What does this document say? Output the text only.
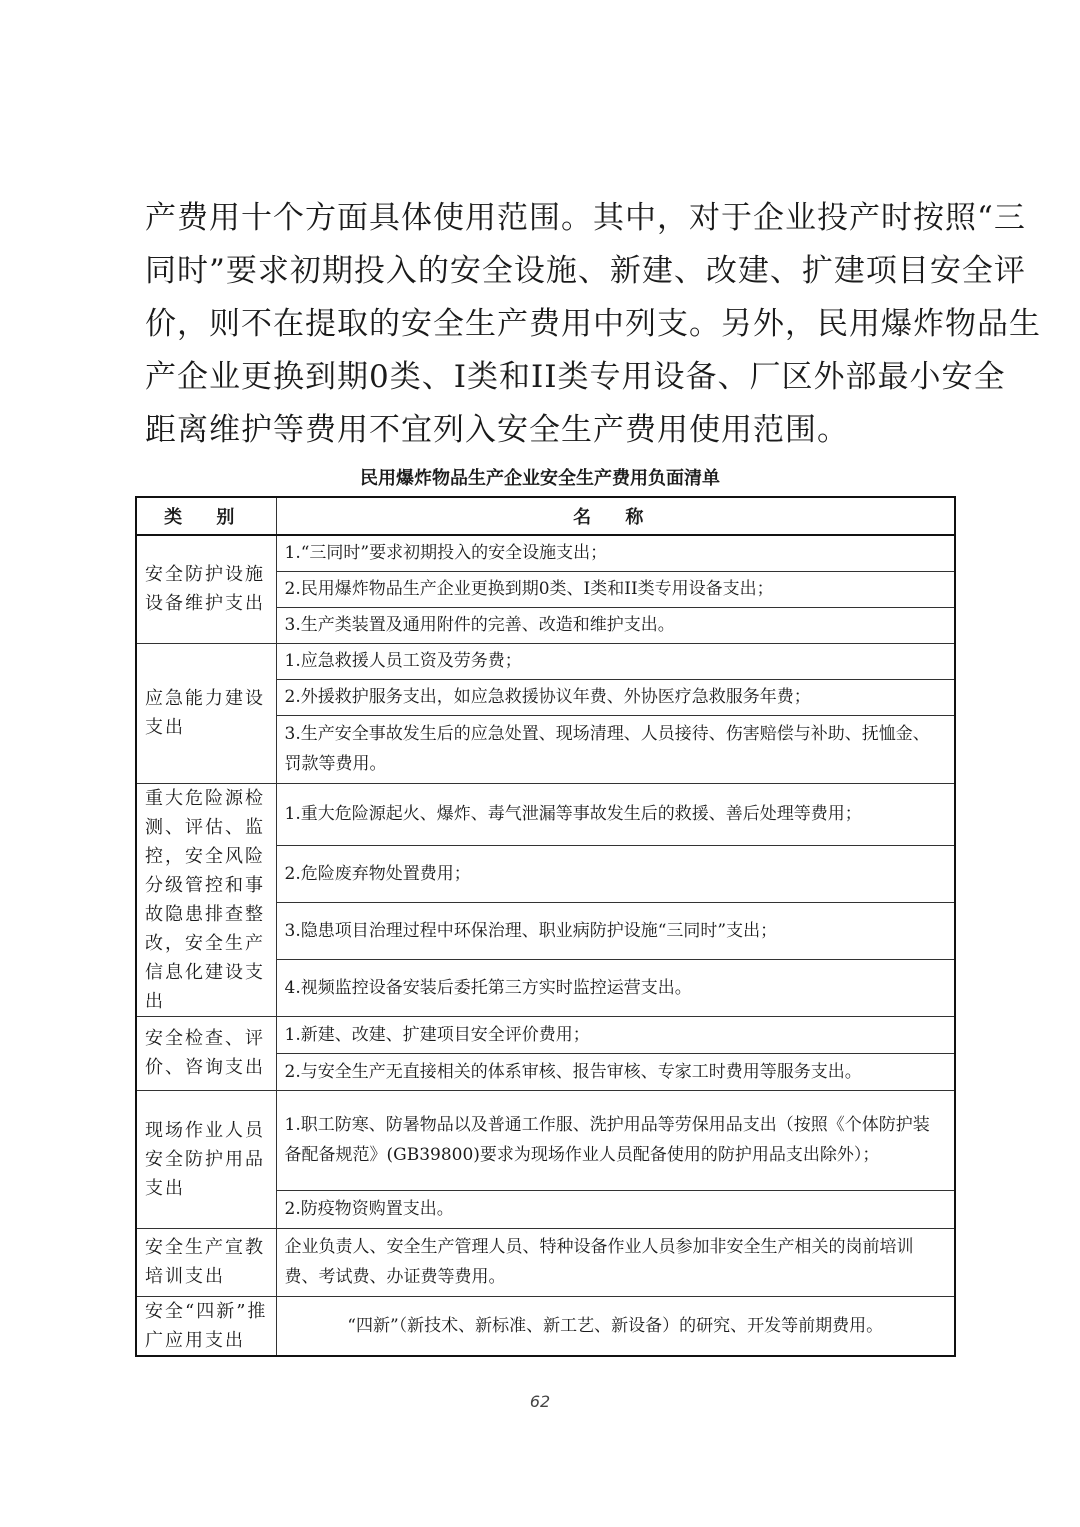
产费用十个方面具体使用范围。其中，对于企业投产时按照“三

同时”要求初期投入的安全设施、新建、改建、扩建项目安全评

价，则不在提取的安全生产费用中列支。另外，民用爆炸物品生

产企业更换到期0类、I类和II类专用设备、厂区外部最小安全

距离维护等费用不宜列入安全生产费用使用范围。

民用爆炸物品生产企业安全生产费用负面清单
类 别	名 称
安全防护设施设备维护支出	1.“三同时”要求初期投入的安全设施支出；
	2.民用爆炸物品生产企业更换到期0类、I类和II类专用设备支出；
	3.生产类装置及通用附件的完善、改造和维护支出。
应急能力建设支出	1.应急救援人员工资及劳务费；
	2.外援救护服务支出，如应急救援协议年费、外协医疗急救服务年费；
	3.生产安全事故发生后的应急处置、现场清理、人员接待、伤害赔偿与补助、抚恤金、罚款等费用。
重大危险源检测、评估、监控，安全风险分级管控和事故隐患排查整改，安全生产信息化建设支出	1.重大危险源起火、爆炸、毒气泄漏等事故发生后的救援、善后处理等费用；
	2.危险废弃物处置费用；
	3.隐患项目治理过程中环保治理、职业病防护设施“三同时”支出；
	4.视频监控设备安装后委托第三方实时监控运营支出。
安全检查、评价、咨询支出	1.新建、改建、扩建项目安全评价费用；
	2.与安全生产无直接相关的体系审核、报告审核、专家工时费用等服务支出。
现场作业人员安全防护用品支出	1.职工防寒、防暑物品以及普通工作服、洗护用品等劳保用品支出（按照《个体防护装备配备规范》(GB39800)要求为现场作业人员配备使用的防护用品支出除外）；
	2.防疫物资购置支出。
安全生产宣教培训支出	企业负责人、安全生产管理人员、特种设备作业人员参加非安全生产相关的岗前培训费、考试费、办证费等费用。
安全“四新”推广应用支出	“四新”（新技术、新标准、新工艺、新设备）的研究、开发等前期费用。
62
